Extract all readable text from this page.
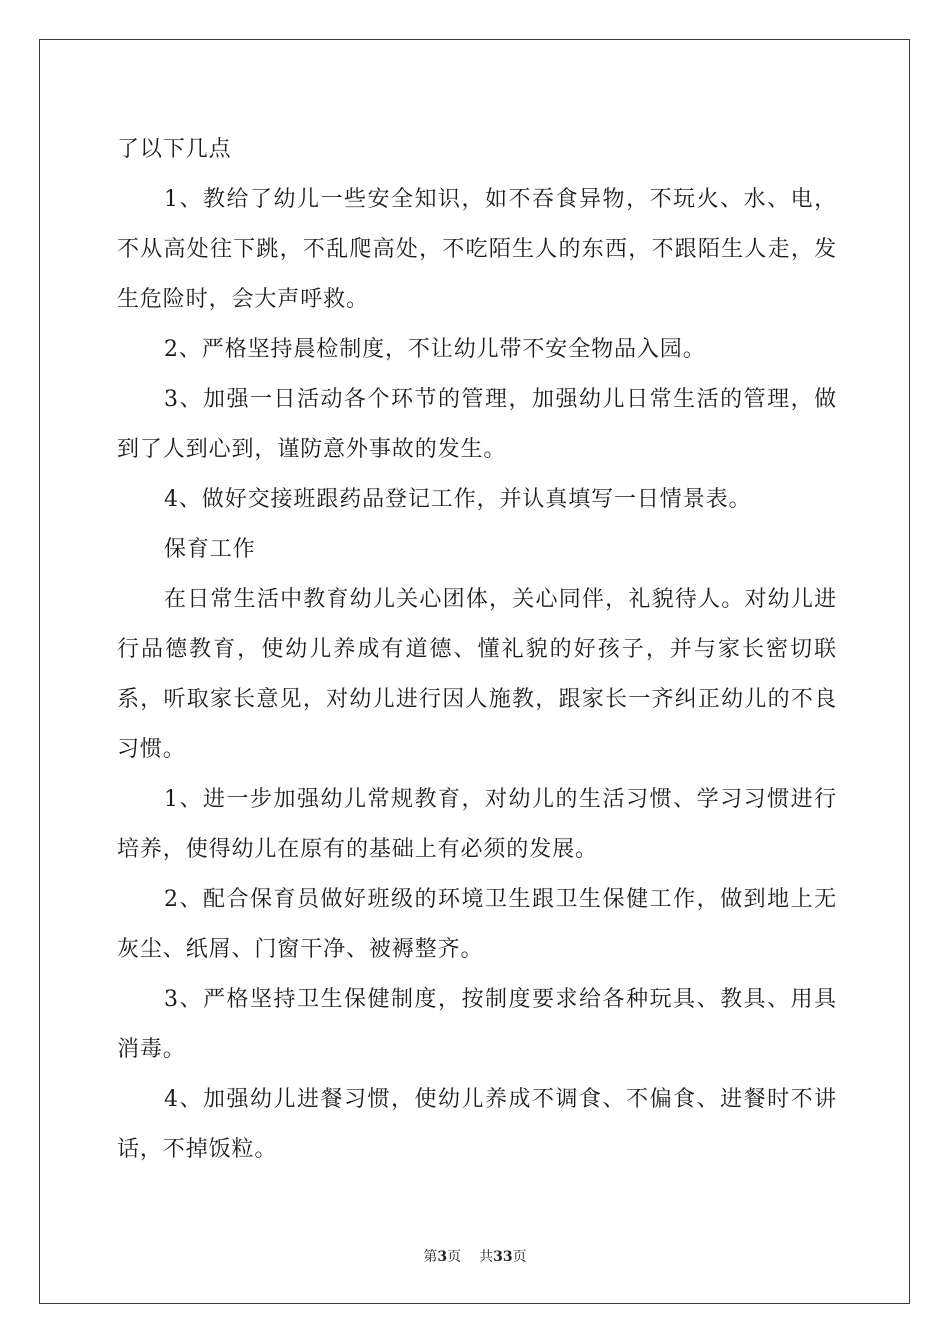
了以下几点

1、教给了幼儿一些安全知识，如不吞食异物，不玩火、水、电，不从高处往下跳，不乱爬高处，不吃陌生人的东西，不跟陌生人走，发生危险时，会大声呼救。

2、严格坚持晨检制度，不让幼儿带不安全物品入园。

3、加强一日活动各个环节的管理，加强幼儿日常生活的管理，做到了人到心到，谨防意外事故的发生。

4、做好交接班跟药品登记工作，并认真填写一日情景表。

保育工作

在日常生活中教育幼儿关心团体，关心同伴，礼貌待人。对幼儿进行品德教育，使幼儿养成有道德、懂礼貌的好孩子，并与家长密切联系，听取家长意见，对幼儿进行因人施教，跟家长一齐纠正幼儿的不良习惯。

1、进一步加强幼儿常规教育，对幼儿的生活习惯、学习习惯进行培养，使得幼儿在原有的基础上有必须的发展。

2、配合保育员做好班级的环境卫生跟卫生保健工作，做到地上无灰尘、纸屑、门窗干净、被褥整齐。

3、严格坚持卫生保健制度，按制度要求给各种玩具、教具、用具消毒。

4、加强幼儿进餐习惯，使幼儿养成不调食、不偏食、进餐时不讲话，不掉饭粒。

第3页 共33页
